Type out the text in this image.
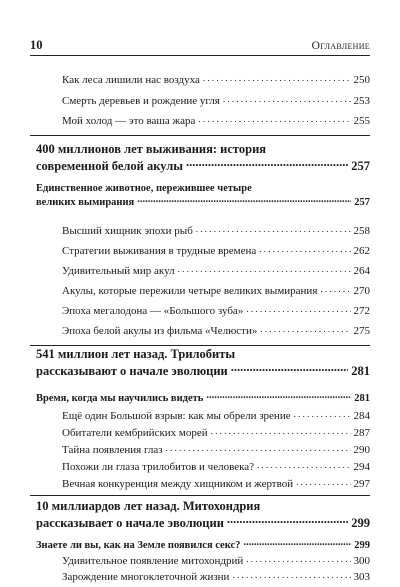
10	Оглавление
Как леса лишили нас воздуха . . .	250
Смерть деревьев и рождение угля . . .	253
Мой холод — это ваша жара . . .	255
400 миллионов лет выживания: история
современной белой акулы .....	257
Единственное животное, пережившее четыре
великих вымирания .....	257
Высший хищник эпохи рыб . . .	258
Стратегии выживания в трудные времена . . .	262
Удивительный мир акул . . .	264
Акулы, которые пережили четыре великих вымирания . . .	270
Эпоха мегалодона — «Большого зуба» . . .	272
Эпоха белой акулы из фильма «Челюсти» . . .	275
541 миллион лет назад. Трилобиты
рассказывают о начале эволюции .....	281
Время, когда мы научились видеть .....	281
Ещё один Большой взрыв: как мы обрели зрение . . .	284
Обитатели кембрийских морей . . .	287
Тайна появления глаз . . .	290
Похожи ли глаза трилобитов и человека? . . .	294
Вечная конкуренция между хищником и жертвой . . .	297
10 миллиардов лет назад. Митохондрия
рассказывает о начале эволюции .....	299
Знаете ли вы, как на Земле появился секс? .....	299
Удивительное появление митохондрий . . .	300
Зарождение многоклеточной жизни . . .	303
